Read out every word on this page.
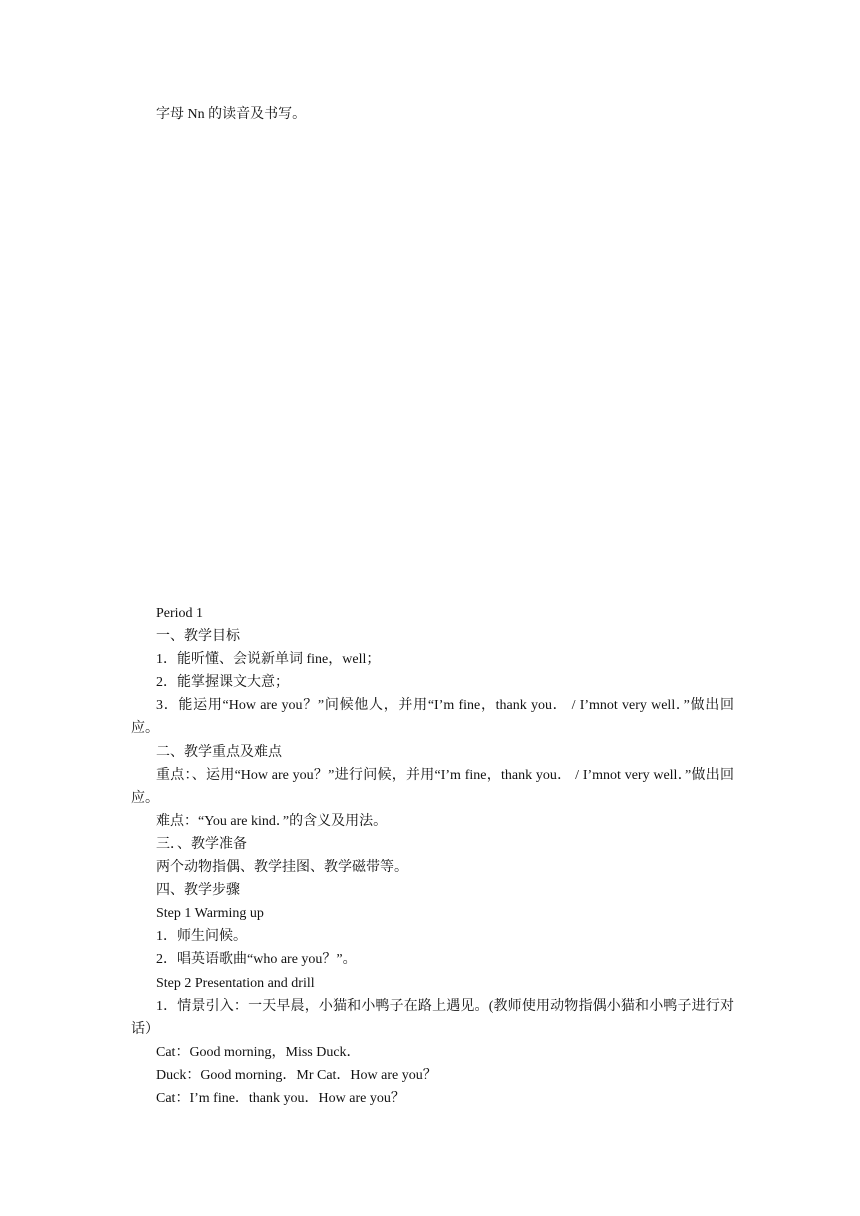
字母 Nn 的读音及书写。

Period 1

一、教学目标

1．能听懂、会说新单词 fine，well；

2．能掌握课文大意；

3．能运用“How are you？”问候他人，并用“I’m fine，thank you． / I’mnot very well．”做出回应。

二、教学重点及难点

重点：、运用“How are you？”进行问候，并用“I’m fine，thank you． / I’mnot very well．”做出回应。

难点：“You are kind．”的含义及用法。

三．、教学准备

两个动物指偶、教学挂图、教学磁带等。

四、教学步骤

Step 1 Warming up

1．师生问候。

2．唱英语歌曲“who are you？”。

Step 2 Presentation and drill

1．情景引入：一天早晨，小猫和小鸭子在路上遇见。(教师使用动物指偶小猫和小鸭子进行对话）

Cat：Good morning，Miss Duck．

Duck：Good morning．Mr Cat．How are you？

Cat：I’m fine．thank you．How are you？
